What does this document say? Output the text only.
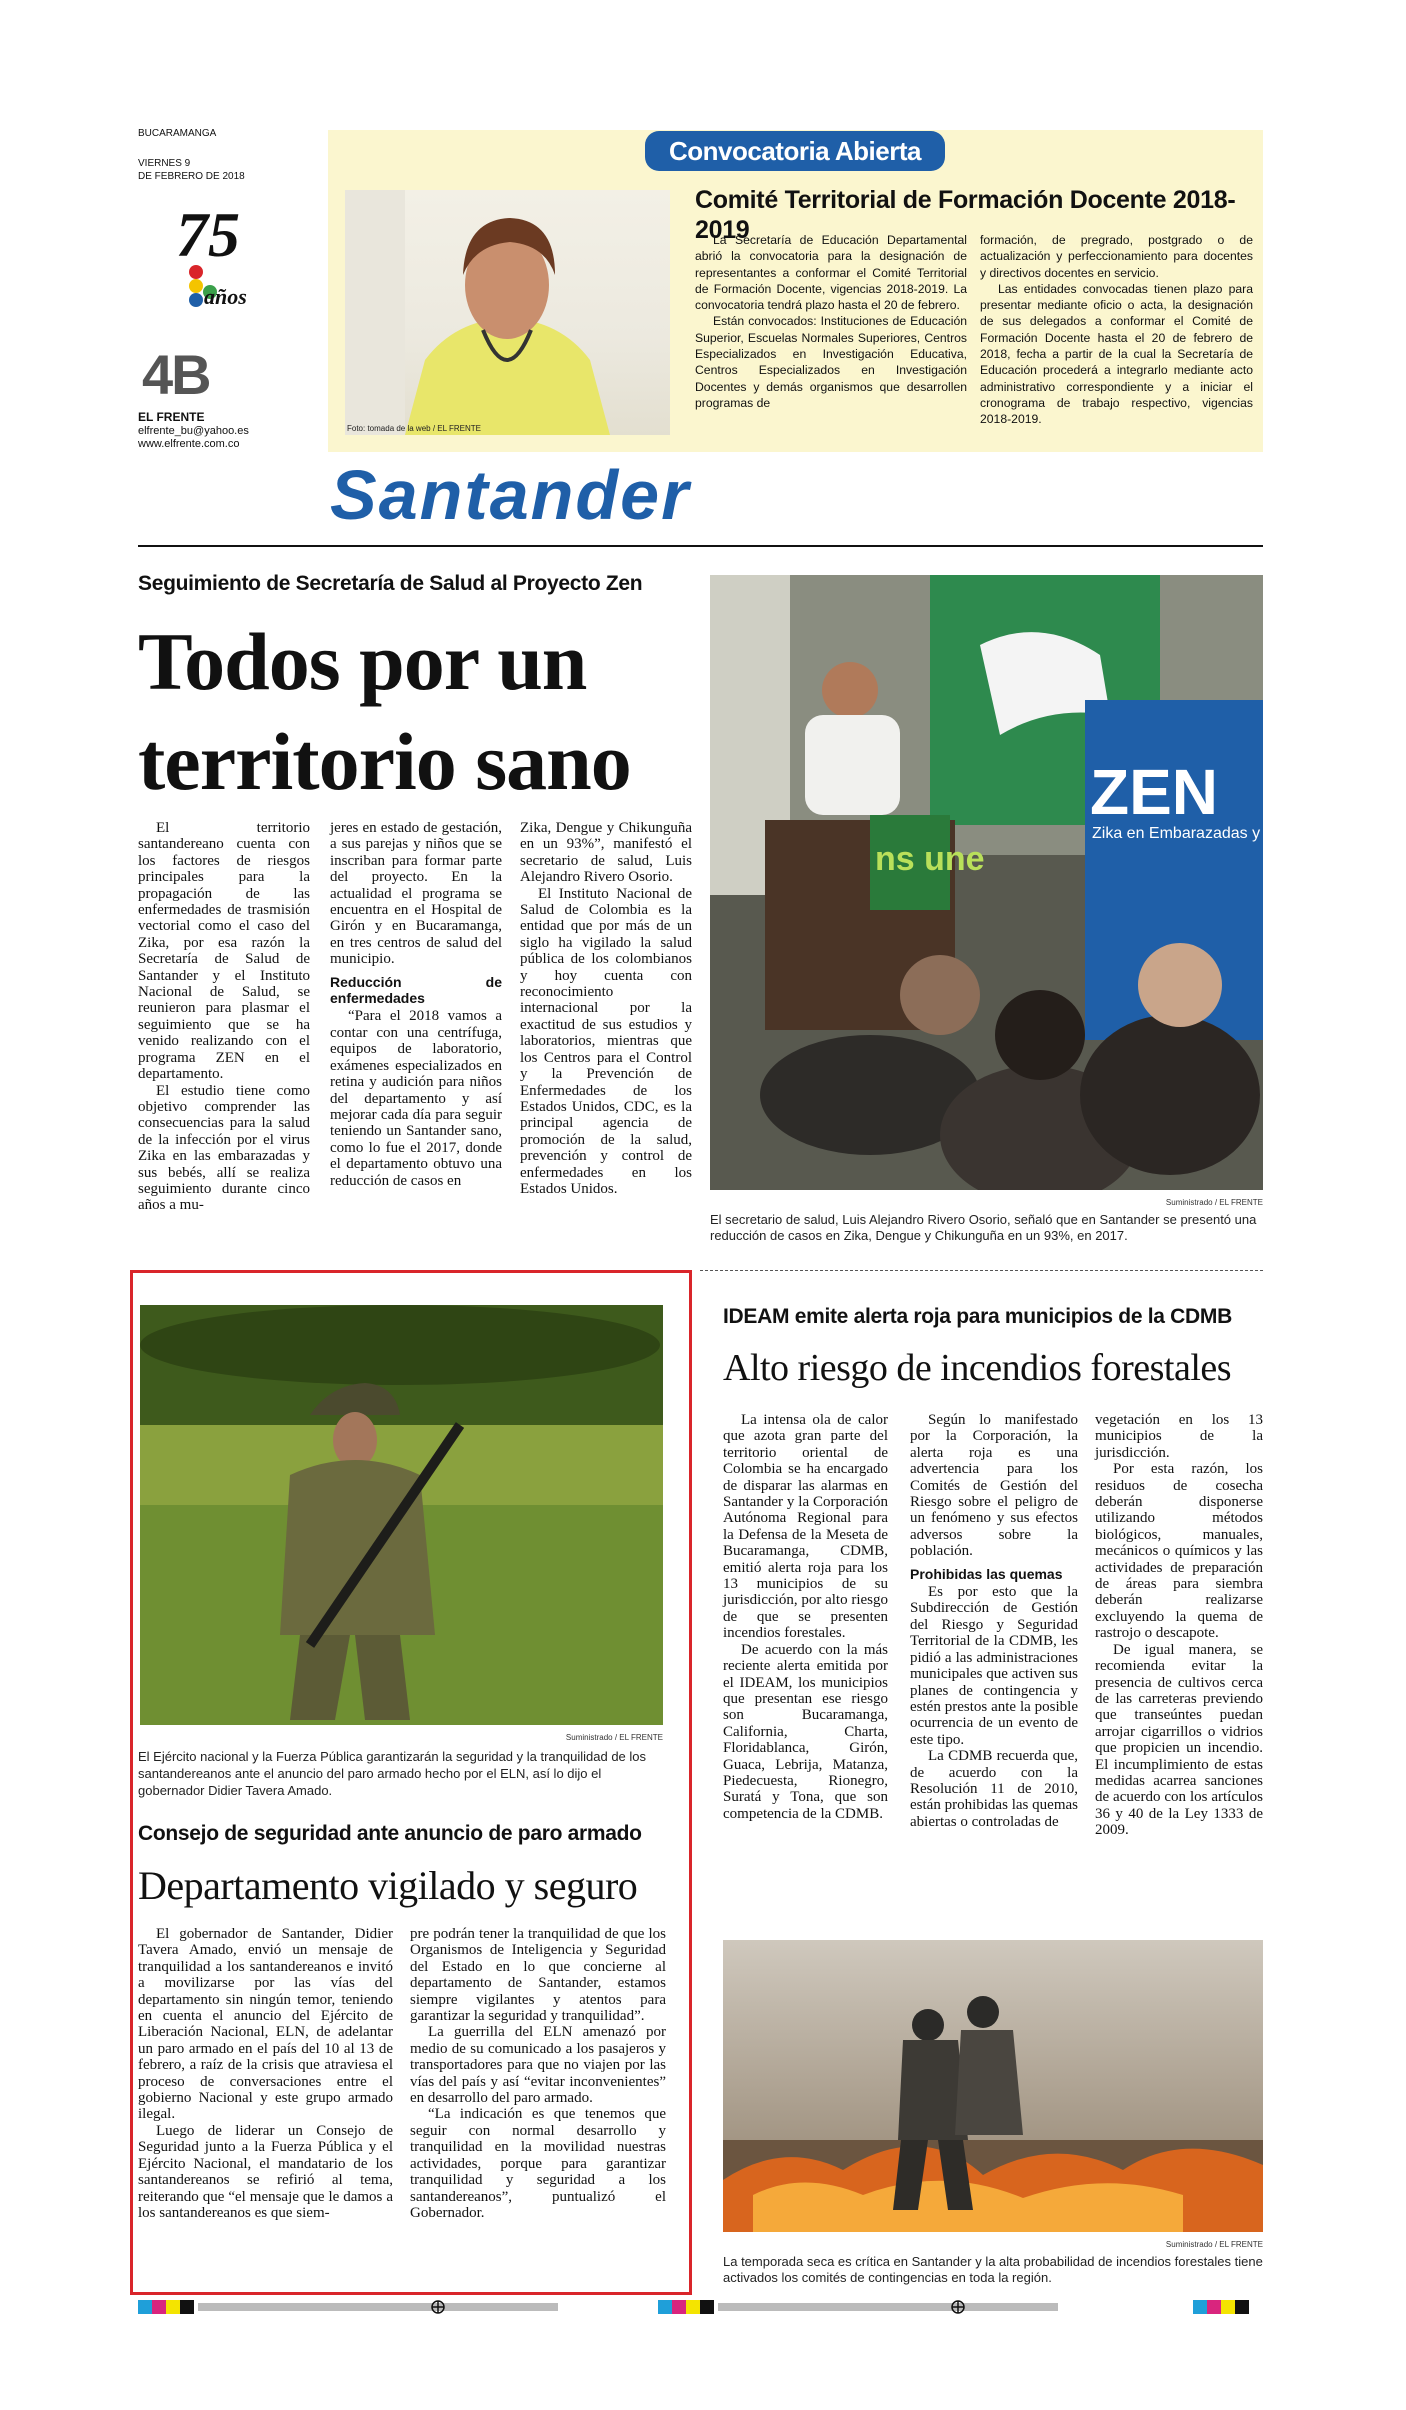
BUCARAMANGA
VIERNES 9
DE FEBRERO DE 2018
75
años
4B
EL FRENTE
elfrente_bu@yahoo.es
www.elfrente.com.co
Convocatoria Abierta
Foto: tomada de la web / EL FRENTE
Comité Territorial de Formación Docente 2018-2019

La Secretaría de Educación Departamental abrió la convocatoria para la designación de representantes a conformar el Comité Territorial de Formación Docente, vigencias 2018-2019. La convocatoria tendrá plazo hasta el 20 de febrero.

Están convocados: Instituciones de Educación Superior, Escuelas Normales Superiores, Centros Especializados en Investigación Educativa, Centros Especializados en Investigación Docentes y demás organismos que desarrollen programas de

formación, de pregrado, postgrado o de actualización y perfeccionamiento para docentes y directivos docentes en servicio.

Las entidades convocadas tienen plazo para presentar mediante oficio o acta, la designación de sus delegados a conformar el Comité de Formación Docente hasta el 20 de febrero de 2018, fecha a partir de la cual la Secretaría de Educación procederá a integrarlo mediante acto administrativo correspondiente y a iniciar el cronograma de trabajo respectivo, vigencias 2018-2019.

Santander
Seguimiento de Secretaría de Salud al Proyecto Zen
Todos por un territorio sano

El territorio santandereano cuenta con los factores de riesgos principales para la propagación de las enfermedades de trasmisión vectorial como el caso del Zika, por esa razón la Secretaría de Salud de Santander y el Instituto Nacional de Salud, se reunieron para plasmar el seguimiento que se ha venido realizando con el programa ZEN en el departamento.

El estudio tiene como objetivo comprender las consecuencias para la salud de la infección por el virus Zika en las embarazadas y sus bebés, allí se realiza seguimiento durante cinco años a mu-

jeres en estado de gestación, a sus parejas y niños que se inscriban para formar parte del proyecto. En la actualidad el programa se encuentra en el Hospital de Girón y en Bucaramanga, en tres centros de salud del municipio.

Reducción de enfermedades

“Para el 2018 vamos a contar con una centrífuga, equipos de laboratorio, exámenes especializados en retina y audición para niños del departamento y así mejorar cada día para seguir teniendo un Santander sano, como lo fue el 2017, donde el departamento obtuvo una reducción de casos en

Zika, Dengue y Chikunguña en un 93%”, manifestó el secretario de salud, Luis Alejandro Rivero Osorio.

El Instituto Nacional de Salud de Colombia es la entidad que por más de un siglo ha vigilado la salud pública de los colombianos y hoy cuenta con reconocimiento internacional por la exactitud de sus estudios y laboratorios, mientras que los Centros para el Control y la Prevención de Enfermedades de los Estados Unidos, CDC, es la principal agencia de promoción de la salud, prevención y control de enfermedades en los Estados Unidos.

ZEN
Zika en Embarazadas y
ns une
Suministrado / EL FRENTE
El secretario de salud, Luis Alejandro Rivero Osorio, señaló que en Santander se presentó una reducción de casos en Zika, Dengue y Chikunguña en un 93%, en 2017.
Suministrado / EL FRENTE
El Ejército nacional y la Fuerza Pública garantizarán la seguridad y la tranquilidad de los santandereanos ante el anuncio del paro armado hecho por el ELN, así lo dijo el gobernador Didier Tavera Amado.
Consejo de seguridad ante anuncio de paro armado
Departamento vigilado y seguro

El gobernador de Santander, Didier Tavera Amado, envió un mensaje de tranquilidad a los santandereanos e invitó a movilizarse por las vías del departamento sin ningún temor, teniendo en cuenta el anuncio del Ejército de Liberación Nacional, ELN, de adelantar un paro armado en el país del 10 al 13 de febrero, a raíz de la crisis que atraviesa el proceso de conversaciones entre el gobierno Nacional y este grupo armado ilegal.

Luego de liderar un Consejo de Seguridad junto a la Fuerza Pública y el Ejército Nacional, el mandatario de los santandereanos se refirió al tema, reiterando que “el mensaje que le damos a los santandereanos es que siem-

pre podrán tener la tranquilidad de que los Organismos de Inteligencia y Seguridad del Estado en lo que concierne al departamento de Santander, estamos siempre vigilantes y atentos para garantizar la seguridad y tranquilidad”.

La guerrilla del ELN amenazó por medio de su comunicado a los pasajeros y transportadores para que no viajen por las vías del país y así “evitar inconvenientes” en desarrollo del paro armado.

“La indicación es que tenemos que seguir con normal desarrollo y tranquilidad en la movilidad nuestras actividades, porque para garantizar tranquilidad y seguridad a los santandereanos”, puntualizó el Gobernador.

IDEAM emite alerta roja para municipios de la CDMB
Alto riesgo de incendios forestales

La intensa ola de calor que azota gran parte del territorio oriental de Colombia se ha encargado de disparar las alarmas en Santander y la Corporación Autónoma Regional para la Defensa de la Meseta de Bucaramanga, CDMB, emitió alerta roja para los 13 municipios de su jurisdicción, por alto riesgo de que se presenten incendios forestales.

De acuerdo con la más reciente alerta emitida por el IDEAM, los municipios que presentan ese riesgo son Bucaramanga, California, Charta, Floridablanca, Girón, Guaca, Lebrija, Matanza, Piedecuesta, Rionegro, Suratá y Tona, que son competencia de la CDMB.

Según lo manifestado por la Corporación, la alerta roja es una advertencia para los Comités de Gestión del Riesgo sobre el peligro de un fenómeno y sus efectos adversos sobre la población.

Prohibidas las quemas

Es por esto que la Subdirección de Gestión del Riesgo y Seguridad Territorial de la CDMB, les pidió a las administraciones municipales que activen sus planes de contingencia y estén prestos ante la posible ocurrencia de un evento de este tipo.

La CDMB recuerda que, de acuerdo con la Resolución 11 de 2010, están prohibidas las quemas abiertas o controladas de

vegetación en los 13 municipios de la jurisdicción.

Por esta razón, los residuos de cosecha deberán disponerse utilizando métodos biológicos, manuales, mecánicos o químicos y las actividades de preparación de áreas para siembra deberán realizarse excluyendo la quema de rastrojo o descapote.

De igual manera, se recomienda evitar la presencia de cultivos cerca de las carreteras previendo que transeúntes puedan arrojar cigarrillos o vidrios que propicien un incendio. El incumplimiento de estas medidas acarrea sanciones de acuerdo con los artículos 36 y 40 de la Ley 1333 de 2009.

Suministrado / EL FRENTE
La temporada seca es crítica en Santander y la alta probabilidad de incendios forestales tiene activados los comités de contingencias en toda la región.
